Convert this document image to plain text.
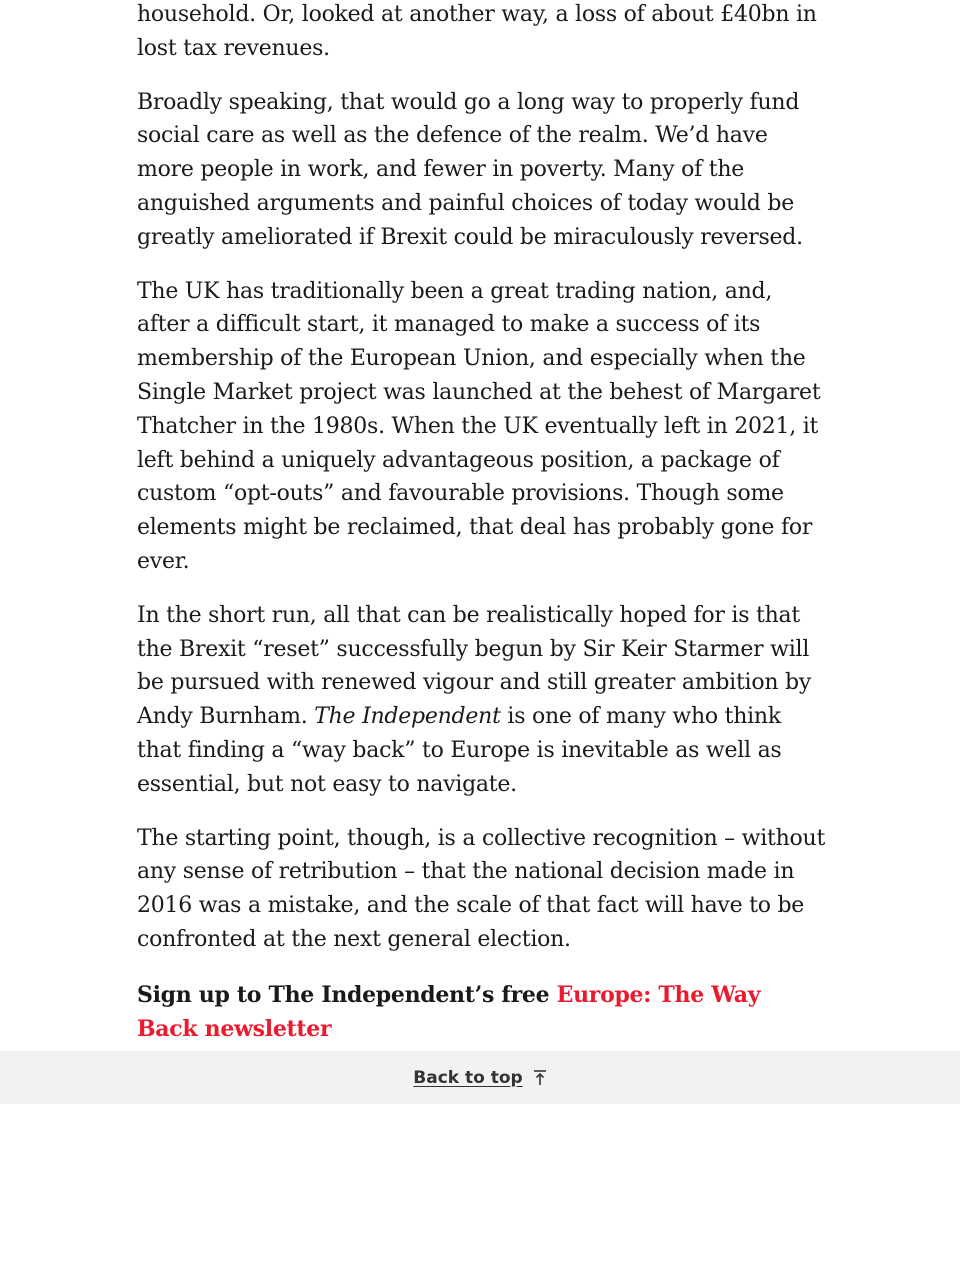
household. Or, looked at another way, a loss of about £40bn in lost tax revenues.

Broadly speaking, that would go a long way to properly fund social care as well as the defence of the realm. We’d have more people in work, and fewer in poverty. Many of the anguished arguments and painful choices of today would be greatly ameliorated if Brexit could be miraculously reversed.

The UK has traditionally been a great trading nation, and, after a difficult start, it managed to make a success of its membership of the European Union, and especially when the Single Market project was launched at the behest of Margaret Thatcher in the 1980s. When the UK eventually left in 2021, it left behind a uniquely advantageous position, a package of custom “opt-outs” and favourable provisions. Though some elements might be reclaimed, that deal has probably gone for ever.

In the short run, all that can be realistically hoped for is that the Brexit “reset” successfully begun by Sir Keir Starmer will be pursued with renewed vigour and still greater ambition by Andy Burnham. The Independent is one of many who think that finding a “way back” to Europe is inevitable as well as essential, but not easy to navigate.

The starting point, though, is a collective recognition – without any sense of retribution – that the national decision made in 2016 was a mistake, and the scale of that fact will have to be confronted at the next general election.

Sign up to The Independent’s free Europe: The Way Back newsletter

Back to top
